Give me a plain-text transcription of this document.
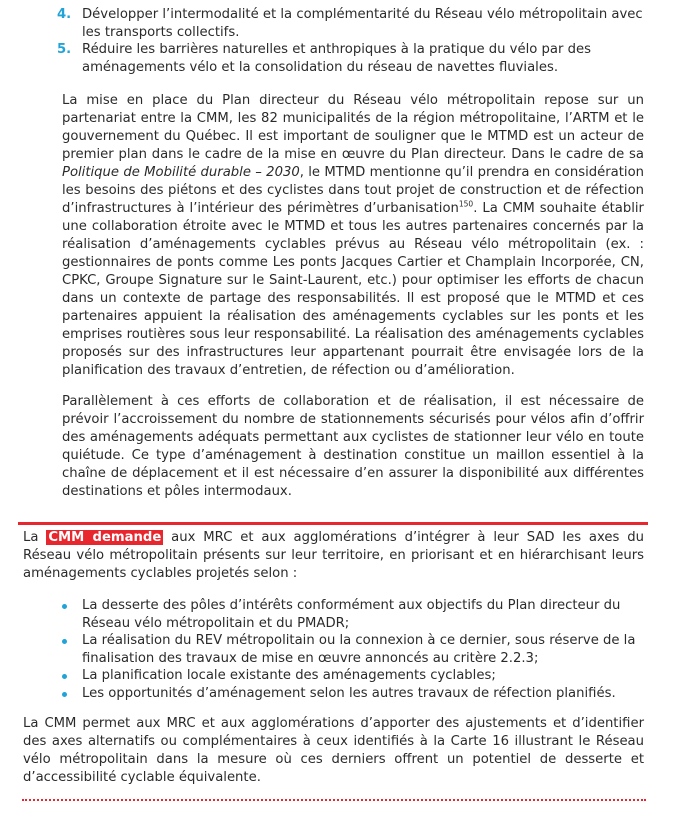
4. Développer l’intermodalité et la complémentarité du Réseau vélo métropolitain avec les transports collectifs.
5. Réduire les barrières naturelles et anthropiques à la pratique du vélo par des aménagements vélo et la consolidation du réseau de navettes fluviales.

La mise en place du Plan directeur du Réseau vélo métropolitain repose sur un partenariat entre la CMM, les 82 municipalités de la région métropolitaine, l’ARTM et le gouvernement du Québec. Il est important de souligner que le MTMD est un acteur de premier plan dans le cadre de la mise en œuvre du Plan directeur. Dans le cadre de sa Politique de Mobilité durable – 2030, le MTMD mentionne qu’il prendra en considération les besoins des piétons et des cyclistes dans tout projet de construction et de réfection d’infrastructures à l’intérieur des périmètres d’urbanisation$^{150}$. La CMM souhaite établir une collaboration étroite avec le MTMD et tous les autres partenaires concernés par la réalisation d’aménagements cyclables prévus au Réseau vélo métropolitain (ex. : gestionnaires de ponts comme Les ponts Jacques Cartier et Champlain Incorporée, CN, CPKC, Groupe Signature sur le Saint-Laurent, etc.) pour optimiser les efforts de chacun dans un contexte de partage des responsabilités. Il est proposé que le MTMD et ces partenaires appuient la réalisation des aménagements cyclables sur les ponts et les emprises routières sous leur responsabilité. La réalisation des aménagements cyclables proposés sur des infrastructures leur appartenant pourrait être envisagée lors de la planification des travaux d’entretien, de réfection ou d’amélioration.

Parallèlement à ces efforts de collaboration et de réalisation, il est nécessaire de prévoir l’accroissement du nombre de stationnements sécurisés pour vélos afin d’offrir des aménagements adéquats permettant aux cyclistes de stationner leur vélo en toute quiétude. Ce type d’aménagement à destination constitue un maillon essentiel à la chaîne de déplacement et il est nécessaire d’en assurer la disponibilité aux différentes destinations et pôles intermodaux.

La CMM demande aux MRC et aux agglomérations d’intégrer à leur SAD les axes du Réseau vélo métropolitain présents sur leur territoire, en priorisant et en hiérarchisant leurs aménagements cyclables projetés selon :

La desserte des pôles d’intérêts conformément aux objectifs du Plan directeur du Réseau vélo métropolitain et du PMADR;
La réalisation du REV métropolitain ou la connexion à ce dernier, sous réserve de la finalisation des travaux de mise en œuvre annoncés au critère 2.2.3;
La planification locale existante des aménagements cyclables;
Les opportunités d’aménagement selon les autres travaux de réfection planifiés.

La CMM permet aux MRC et aux agglomérations d’apporter des ajustements et d’identifier des axes alternatifs ou complémentaires à ceux identifiés à la Carte 16 illustrant le Réseau vélo métropolitain dans la mesure où ces derniers offrent un potentiel de desserte et d’accessibilité cyclable équivalente.
